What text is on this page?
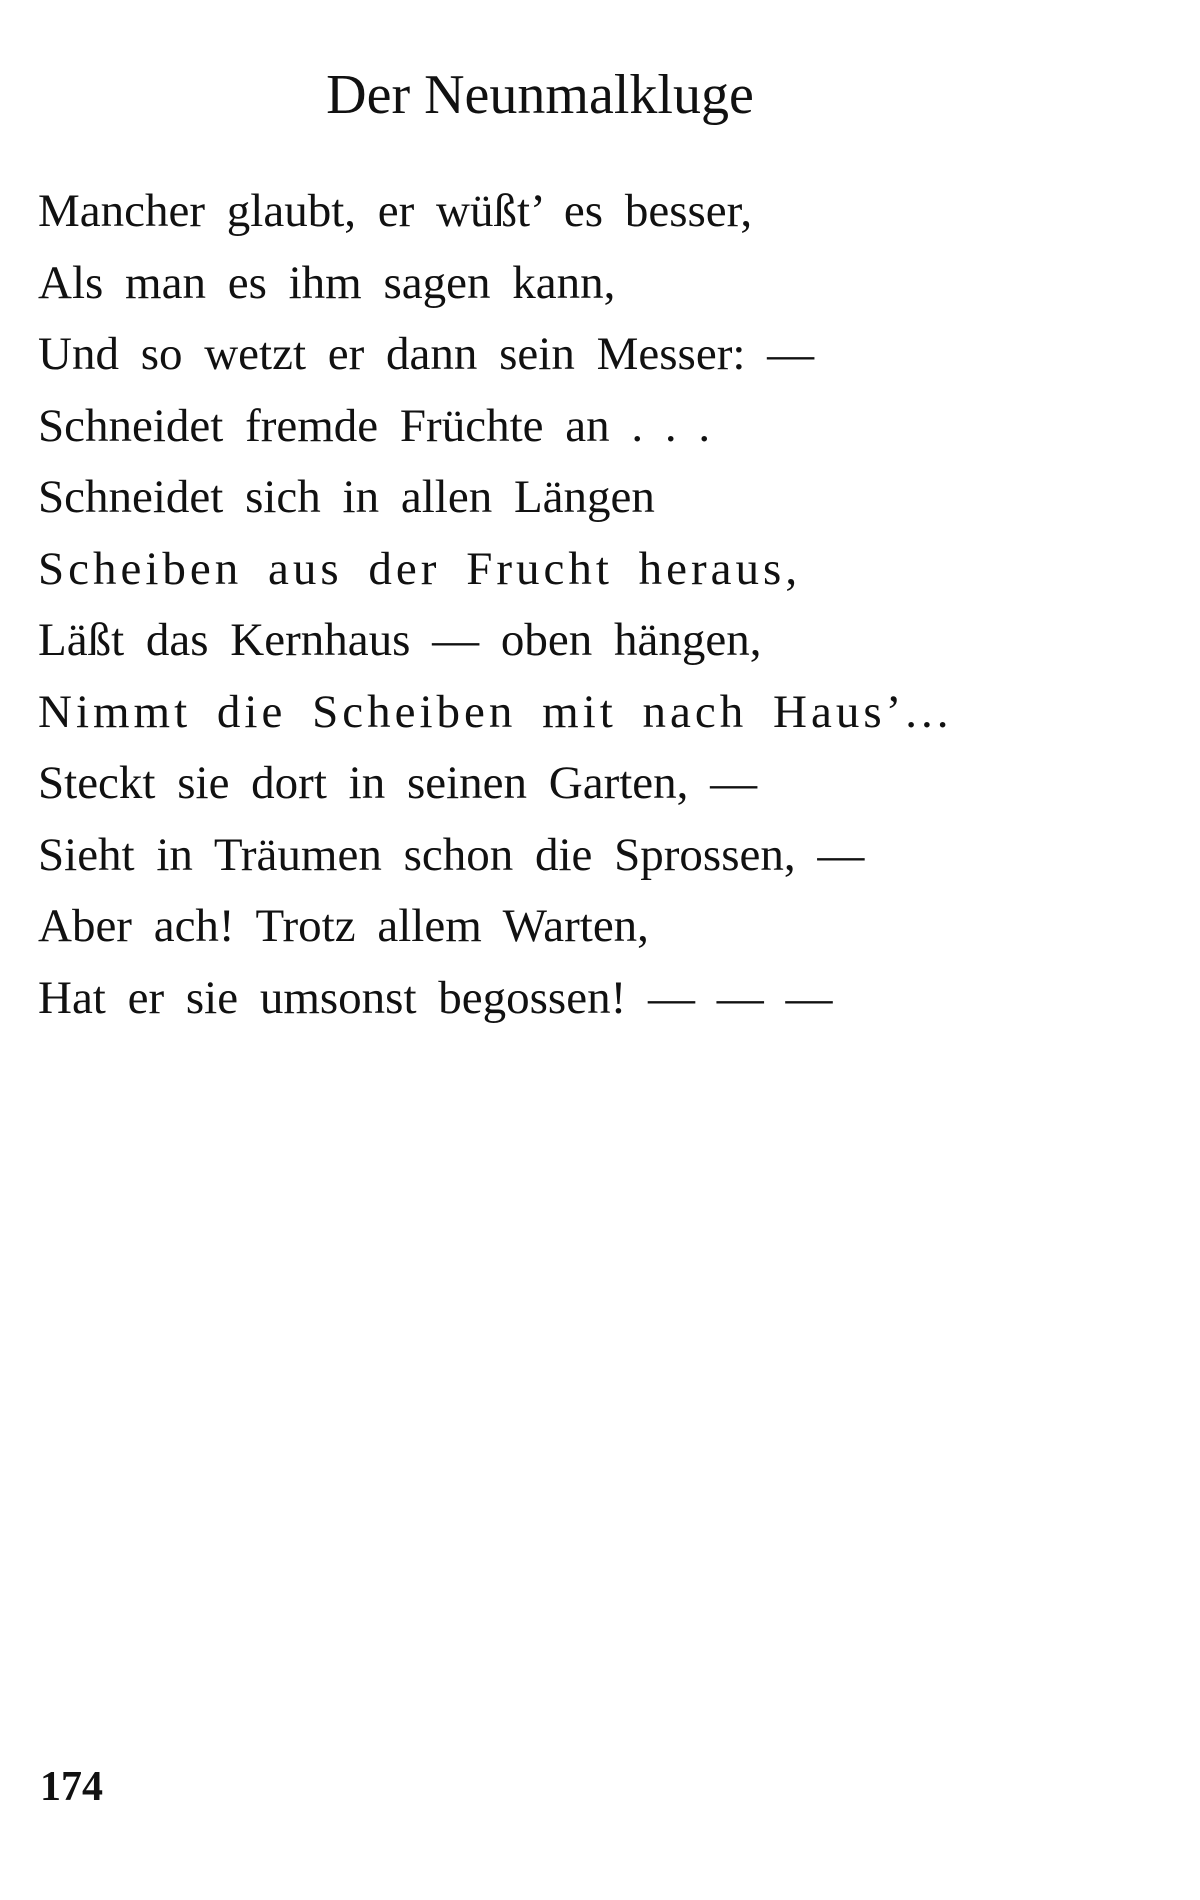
Der Neunmalkluge
Mancher glaubt, er wüßt’ es besser,
Als man es ihm sagen kann,
Und so wetzt er dann sein Messer: —
Schneidet fremde Früchte an . . .
Schneidet sich in allen Längen
Scheiben aus der Frucht heraus,
Läßt das Kernhaus — oben hängen,
Nimmt die Scheiben mit nach Haus’...
Steckt sie dort in seinen Garten, —
Sieht in Träumen schon die Sprossen, —
Aber ach! Trotz allem Warten,
Hat er sie umsonst begossen! — — —
174
